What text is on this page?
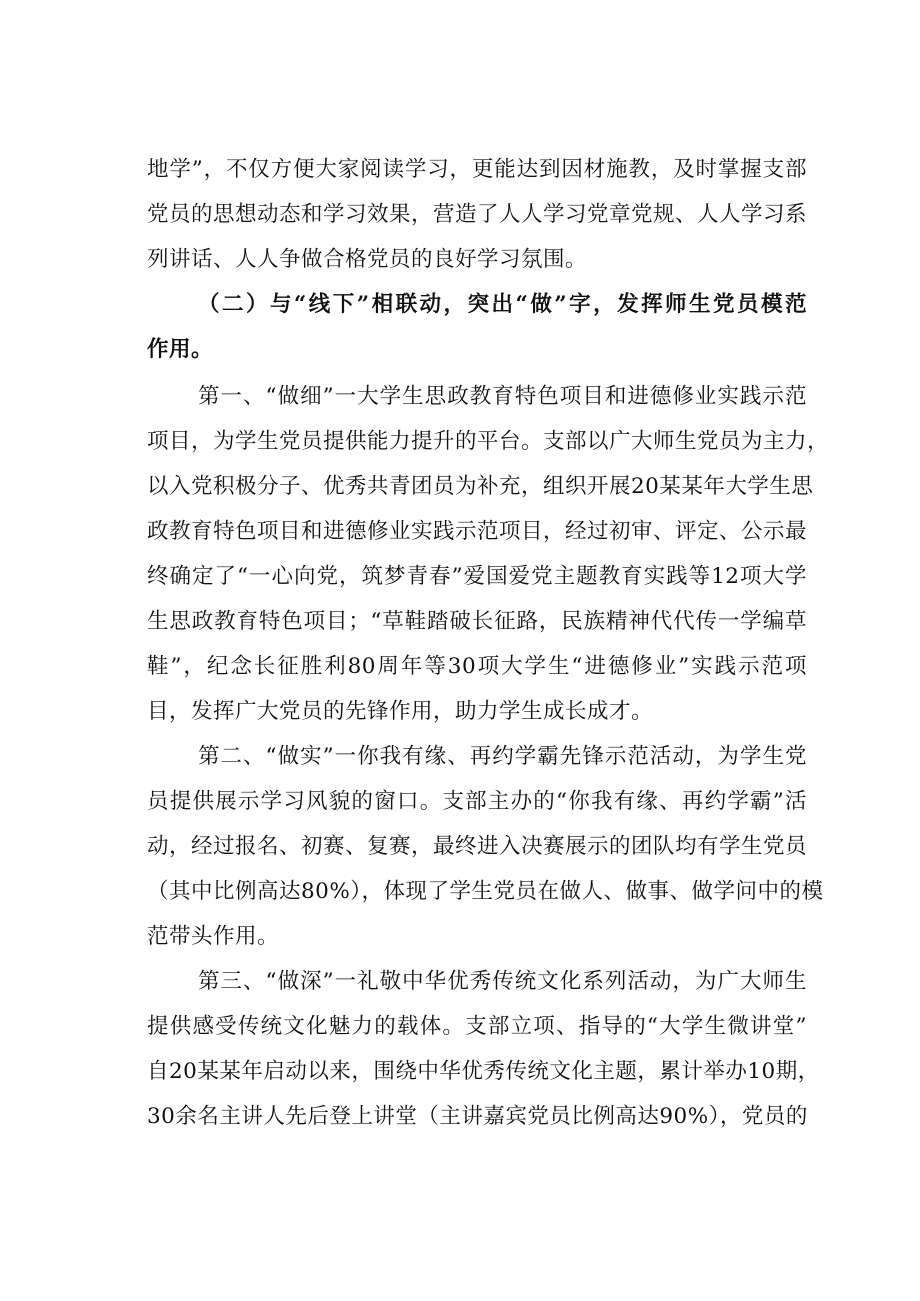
地学”，不仅方便大家阅读学习，更能达到因材施教，及时掌握支部
党员的思想动态和学习效果，营造了人人学习党章党规、人人学习系
列讲话、人人争做合格党员的良好学习氛围。
（二）与“线下”相联动，突出“做”字，发挥师生党员模范
作用。
第一、“做细”一大学生思政教育特色项目和进德修业实践示范
项目，为学生党员提供能力提升的平台。支部以广大师生党员为主力，
以入党积极分子、优秀共青团员为补充，组织开展20某某年大学生思
政教育特色项目和进德修业实践示范项目，经过初审、评定、公示最
终确定了“一心向党，筑梦青春”爱国爱党主题教育实践等12项大学
生思政教育特色项目；“草鞋踏破长征路，民族精神代代传一学编草
鞋”，纪念长征胜利80周年等30项大学生“进德修业”实践示范项
目，发挥广大党员的先锋作用，助力学生成长成才。
第二、“做实”一你我有缘、再约学霸先锋示范活动，为学生党
员提供展示学习风貌的窗口。支部主办的“你我有缘、再约学霸”活
动，经过报名、初赛、复赛，最终进入决赛展示的团队均有学生党员
（其中比例高达80%），体现了学生党员在做人、做事、做学问中的模
范带头作用。
第三、“做深”一礼敬中华优秀传统文化系列活动，为广大师生
提供感受传统文化魅力的载体。支部立项、指导的“大学生微讲堂”
自20某某年启动以来，围绕中华优秀传统文化主题，累计举办10期，
30余名主讲人先后登上讲堂（主讲嘉宾党员比例高达90%），党员的
